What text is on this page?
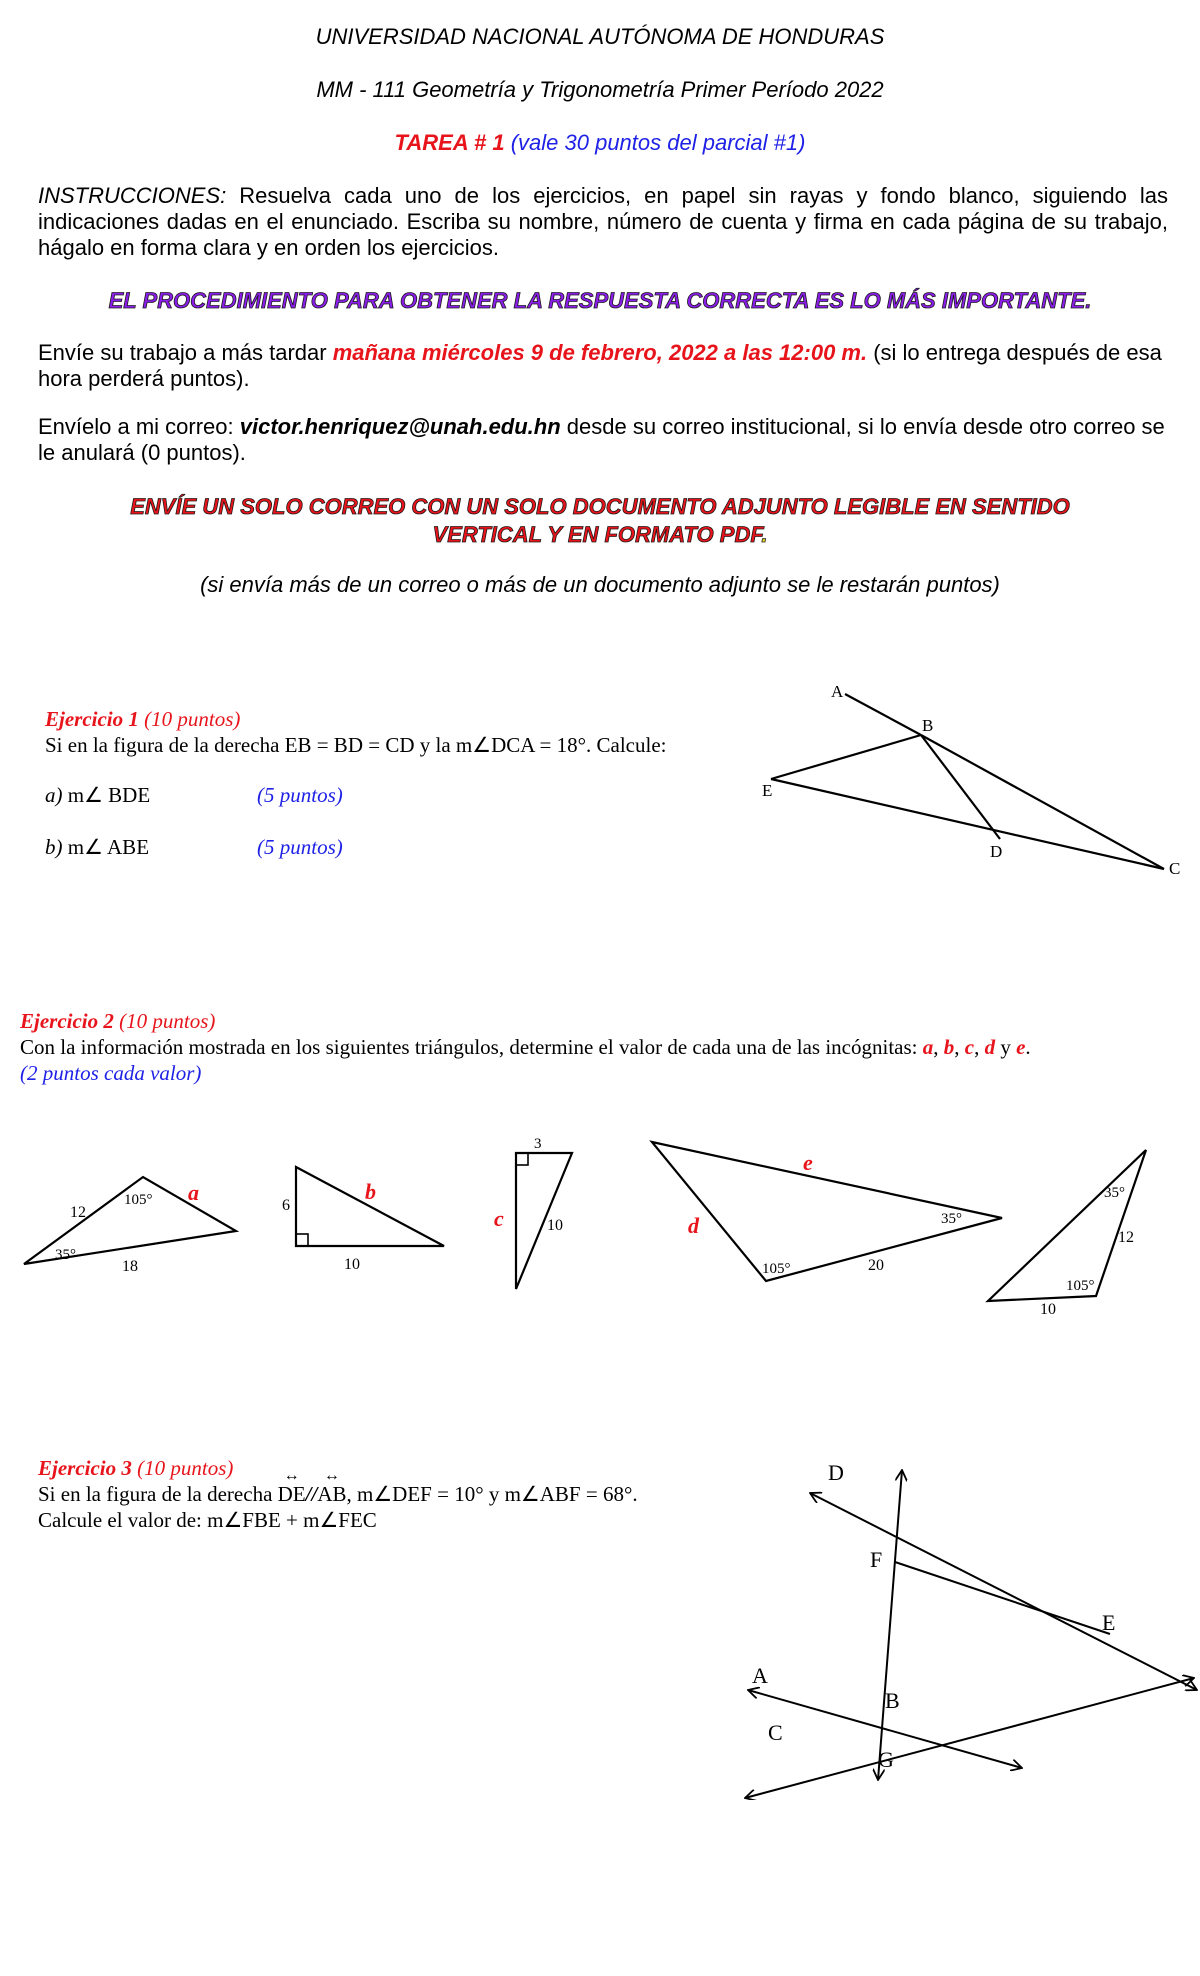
UNIVERSIDAD NACIONAL AUTÓNOMA DE HONDURAS
MM - 111 Geometría y Trigonometría Primer Período 2022
TAREA # 1 (vale 30 puntos del parcial #1)
INSTRUCCIONES: Resuelva cada uno de los ejercicios, en papel sin rayas y fondo blanco, siguiendo las indicaciones dadas en el enunciado. Escriba su nombre, número de cuenta y firma en cada página de su trabajo, hágalo en forma clara y en orden los ejercicios.
EL PROCEDIMIENTO PARA OBTENER LA RESPUESTA CORRECTA ES LO MÁS IMPORTANTE.
Envíe su trabajo a más tardar mañana miércoles 9 de febrero, 2022 a las 12:00 m. (si lo entrega después de esa hora perderá puntos).
Envíelo a mi correo: victor.henriquez@unah.edu.hn desde su correo institucional, si lo envía desde otro correo se le anulará (0 puntos).
ENVÍE UN SOLO CORREO CON UN SOLO DOCUMENTO ADJUNTO LEGIBLE EN SENTIDO
VERTICAL Y EN FORMATO PDF.
(si envía más de un correo o más de un documento adjunto se le restarán puntos)
Ejercicio 1 (10 puntos)
Si en la figura de la derecha EB = BD = CD y la m∠DCA = 18°. Calcule:
a) m∠ BDE	(5 puntos)
b) m∠ ABE	(5 puntos)
A
B
C
D
E
Ejercicio 2 (10 puntos)
Con la información mostrada en los siguientes triángulos, determine el valor de cada una de las incógnitas: a, b, c, d y e.
(2 puntos cada valor)
12
105°
35°
18
a
6
10
b
3
10
c
e
d	35°
105°	20
35°
12
105°
10
Ejercicio 3 (10 puntos)
Si en la figura de la derecha
↔
DE//
↔
AB, m∠DEF = 10° y m∠ABF = 68°.
Calcule el valor de: m∠FBE + m∠FEC
D
F
E
A
B
C
G
